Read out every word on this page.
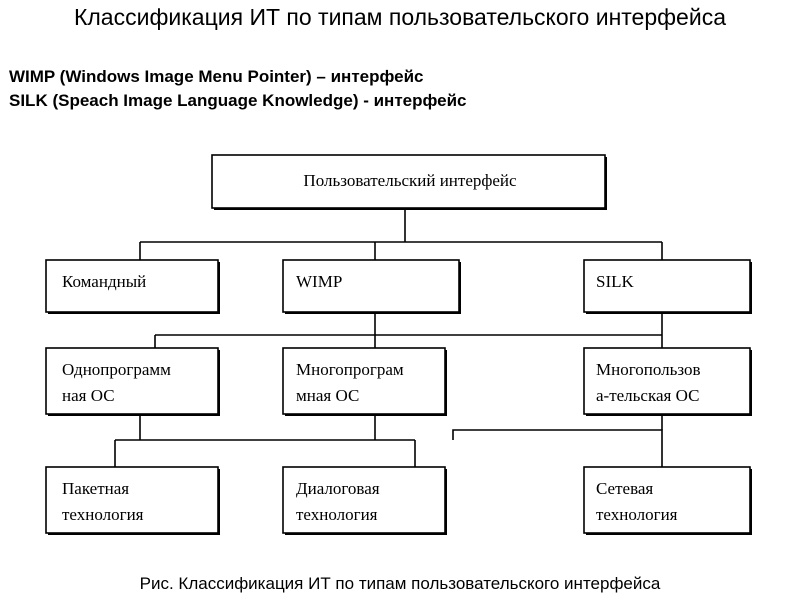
Классификация ИТ по типам пользовательского интерфейса
WIMP (Windows Image Menu Pointer) – интерфейс
SILK (Speach Image Language Knowledge) - интерфейс
Пользовательский интерфейс
Командный	WIMP	SILK
Однопрограмм
ная ОС
Многопрограм
мная ОС
Многопользов
а-тельская ОС
Пакетная
технология
Диалоговая
технология
Сетевая
технология
Рис. Классификация ИТ по типам пользовательского интерфейса
